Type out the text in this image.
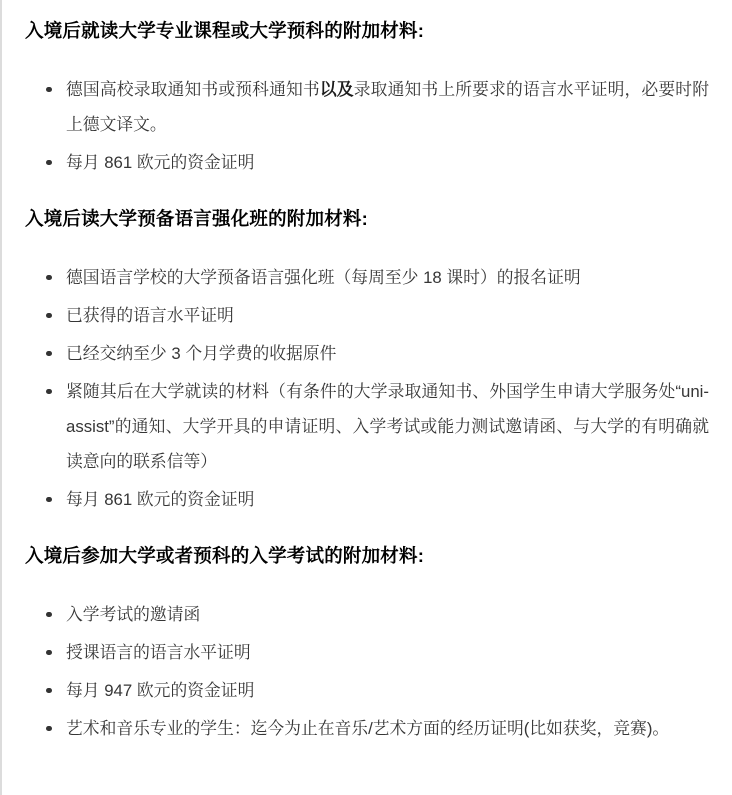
入境后就读大学专业课程或大学预科的附加材料:
德国高校录取通知书或预科通知书以及录取通知书上所要求的语言水平证明，必要时附上德文译文。
每月 861 欧元的资金证明
入境后读大学预备语言强化班的附加材料:
德国语言学校的大学预备语言强化班（每周至少 18 课时）的报名证明
已获得的语言水平证明
已经交纳至少 3 个月学费的收据原件
紧随其后在大学就读的材料（有条件的大学录取通知书、外国学生申请大学服务处“uni-assist”的通知、大学开具的申请证明、入学考试或能力测试邀请函、与大学的有明确就读意向的联系信等）
每月 861 欧元的资金证明
入境后参加大学或者预科的入学考试的附加材料:
入学考试的邀请函
授课语言的语言水平证明
每月 947 欧元的资金证明
艺术和音乐专业的学生：迄今为止在音乐/艺术方面的经历证明(比如获奖，竞赛)。
